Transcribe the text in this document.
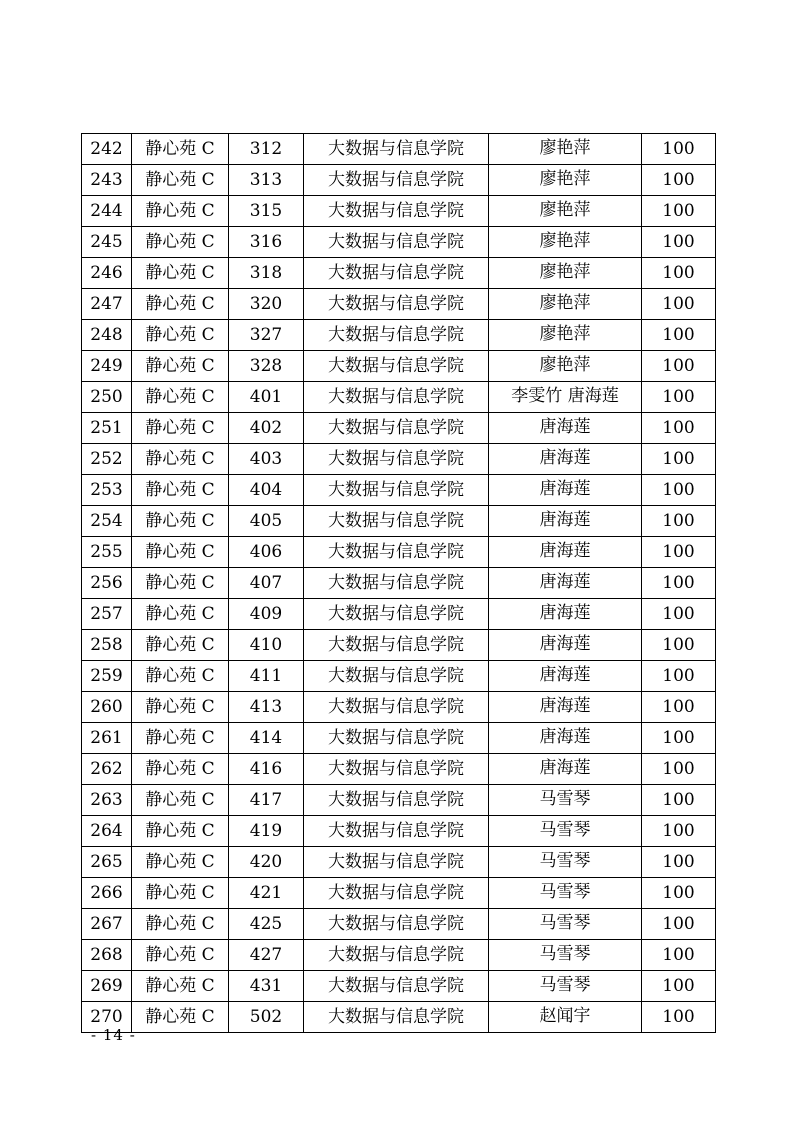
242	静心苑 C	312	大数据与信息学院	廖艳萍	100
243	静心苑 C	313	大数据与信息学院	廖艳萍	100
244	静心苑 C	315	大数据与信息学院	廖艳萍	100
245	静心苑 C	316	大数据与信息学院	廖艳萍	100
246	静心苑 C	318	大数据与信息学院	廖艳萍	100
247	静心苑 C	320	大数据与信息学院	廖艳萍	100
248	静心苑 C	327	大数据与信息学院	廖艳萍	100
249	静心苑 C	328	大数据与信息学院	廖艳萍	100
250	静心苑 C	401	大数据与信息学院	李雯竹 唐海莲	100
251	静心苑 C	402	大数据与信息学院	唐海莲	100
252	静心苑 C	403	大数据与信息学院	唐海莲	100
253	静心苑 C	404	大数据与信息学院	唐海莲	100
254	静心苑 C	405	大数据与信息学院	唐海莲	100
255	静心苑 C	406	大数据与信息学院	唐海莲	100
256	静心苑 C	407	大数据与信息学院	唐海莲	100
257	静心苑 C	409	大数据与信息学院	唐海莲	100
258	静心苑 C	410	大数据与信息学院	唐海莲	100
259	静心苑 C	411	大数据与信息学院	唐海莲	100
260	静心苑 C	413	大数据与信息学院	唐海莲	100
261	静心苑 C	414	大数据与信息学院	唐海莲	100
262	静心苑 C	416	大数据与信息学院	唐海莲	100
263	静心苑 C	417	大数据与信息学院	马雪琴	100
264	静心苑 C	419	大数据与信息学院	马雪琴	100
265	静心苑 C	420	大数据与信息学院	马雪琴	100
266	静心苑 C	421	大数据与信息学院	马雪琴	100
267	静心苑 C	425	大数据与信息学院	马雪琴	100
268	静心苑 C	427	大数据与信息学院	马雪琴	100
269	静心苑 C	431	大数据与信息学院	马雪琴	100
270	静心苑 C	502	大数据与信息学院	赵闻宇	100
- 14 -
